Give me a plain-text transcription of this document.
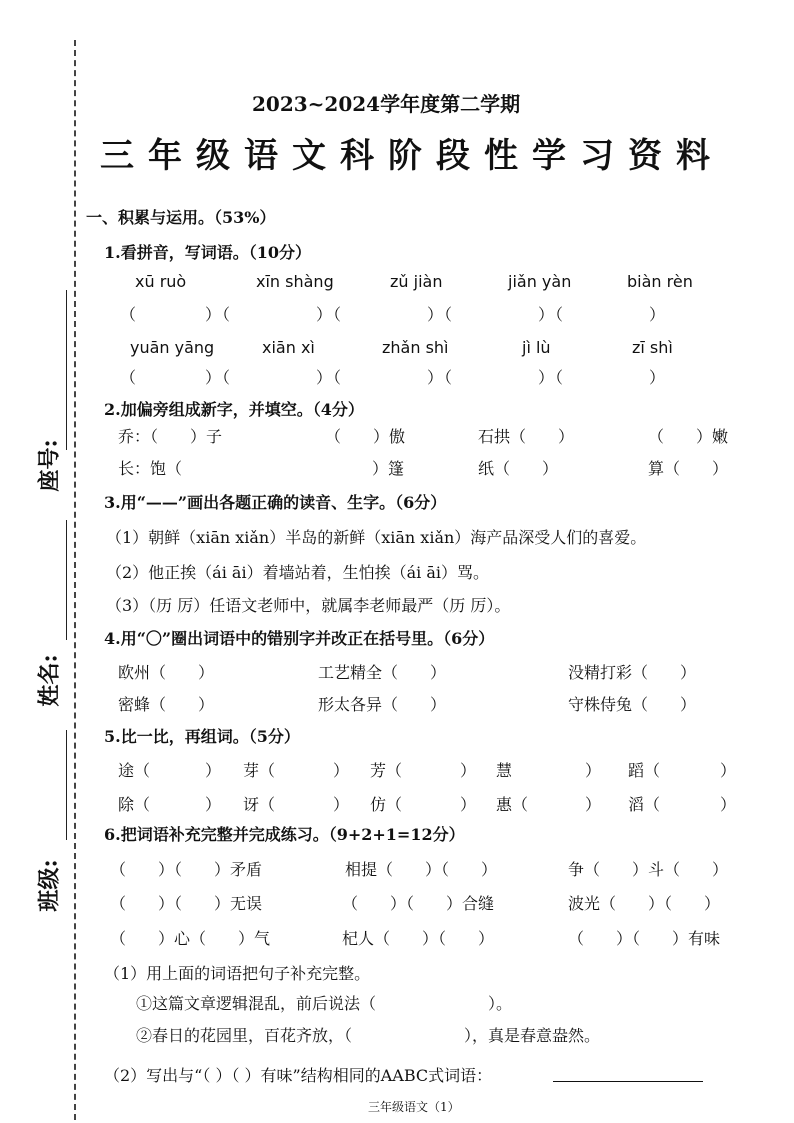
座号:
姓名:
班级:
2023~2024学年度第二学期
三年级语文科阶段性学习资料
一、积累与运用。（53%）
1.看拼音，写词语。（10分）
xū ruò	xīn shàng	zǔ jiàn	jiǎn yàn	biàn rèn
（　　　　）（　　　　　）（　　　　　）（　　　　　）（　　　　　）
yuān yāng	xiān xì	zhǎn shì	jì lù	zī shì
（　　　　）（　　　　　）（　　　　　）（　　　　　）（　　　　　）
2.加偏旁组成新字，并填空。（4分）
乔：（　　）子	（　　）傲	石拱（　　）	（　　）嫩
长：饱（	）篷	纸（　　）	算（　　）
3.用“——”画出各题正确的读音、生字。（6分）
（1）朝鲜（xiān xiǎn）半岛的新鲜（xiān xiǎn）海产品深受人们的喜爱。
（2）他正挨（ái āi）着墙站着，生怕挨（ái āi）骂。
（3）（历 厉）任语文老师中，就属李老师最严（历 厉）。
4.用“〇”圈出词语中的错别字并改正在括号里。（6分）
欧州（　　）	工艺精全（　　）	没精打彩（　　）
密蜂（　　）	形太各异（　　）	守株侍兔（　　）
5.比一比，再组词。（5分）
途（	） 芽（	） 芳（	） 慧	） 蹈（	）
除（	） 讶（	） 仿（	） 惠（	） 滔（	）
6.把词语补充完整并完成练习。（9+2+1=12分）
（　　）（　　）矛盾	相提（　　）（　　）	争（　　）斗（　　）
（　　）（　　）无误	（　　）（　　）合缝	波光（　　）（　　）
（　　）心（　　）气	杞人（　　）（　　）	（　　）（　　）有味
（1）用上面的词语把句子补充完整。
①这篇文章逻辑混乱，前后说法（　　　　　　　）。
②春日的花园里，百花齐放，（　　　　　　　），真是春意盎然。
（2）写出与“（ ）（ ）有味”结构相同的AABC式词语：
三年级语文（1）
